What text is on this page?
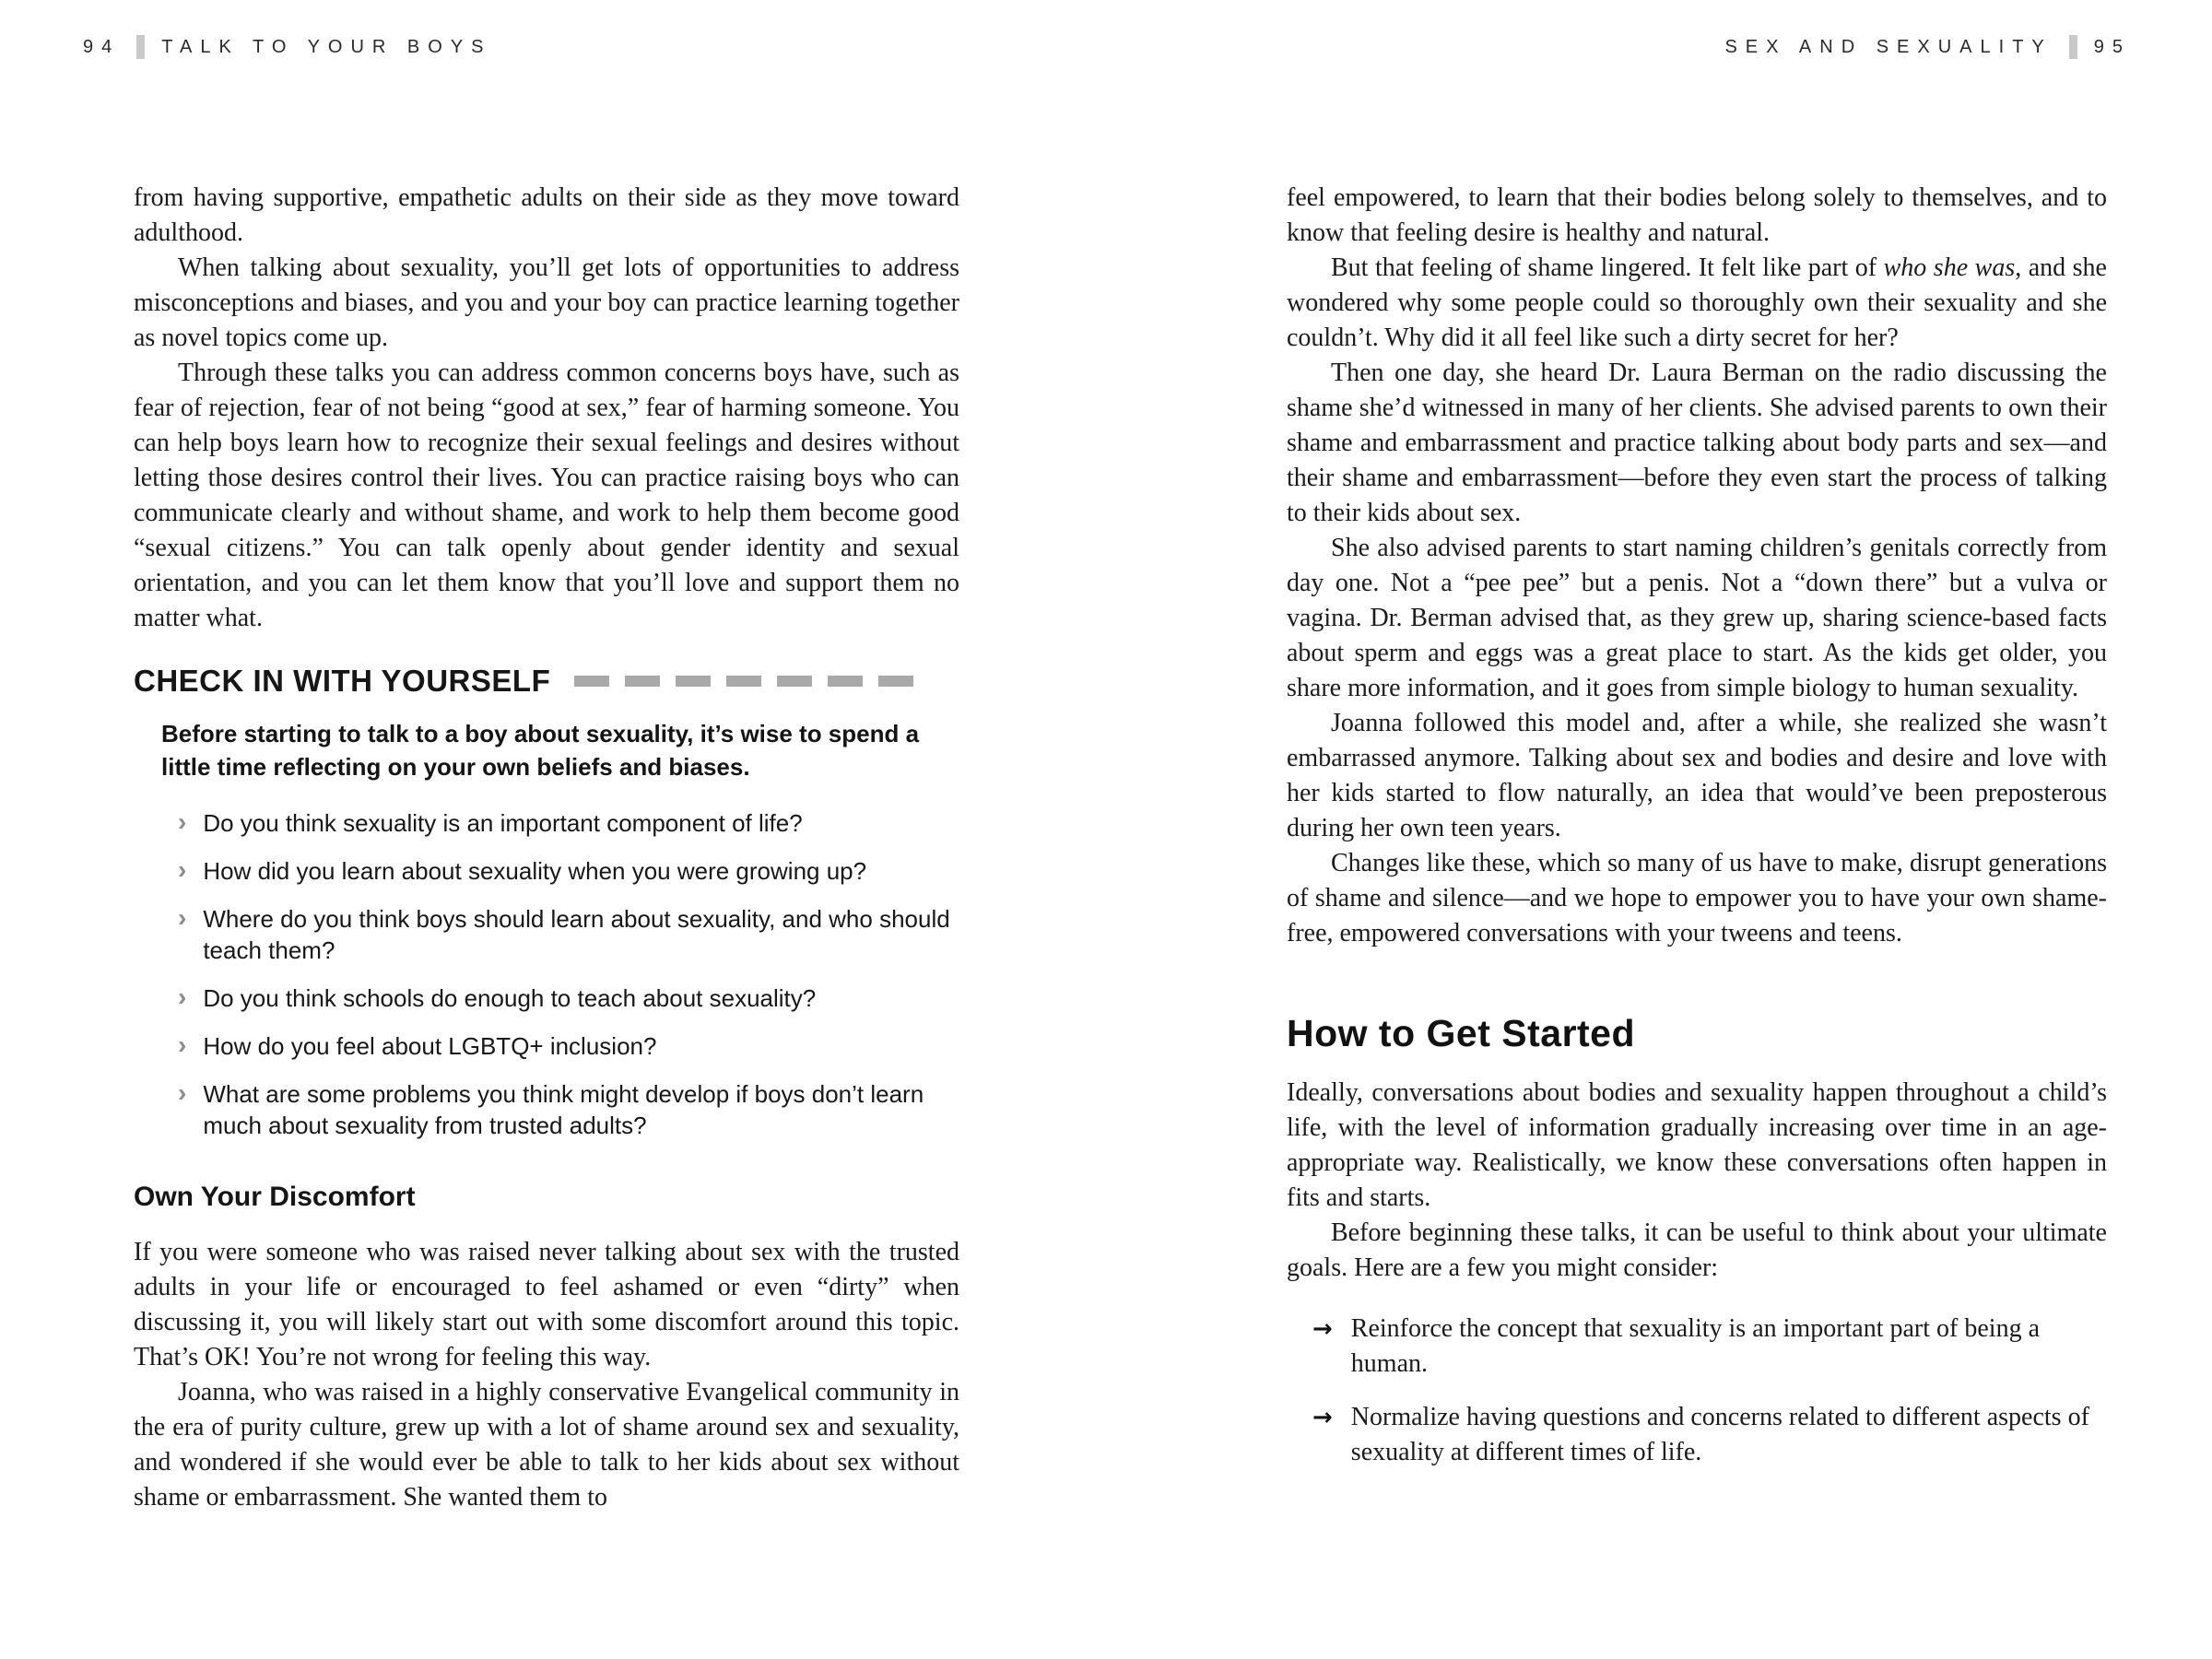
94 TALK TO YOUR BOYS	SEX AND SEXUALITY 95

from having supportive, empathetic adults on their side as they move toward adulthood.

When talking about sexuality, you’ll get lots of opportunities to address misconceptions and biases, and you and your boy can practice learning together as novel topics come up.

Through these talks you can address common concerns boys have, such as fear of rejection, fear of not being “good at sex,” fear of harming someone. You can help boys learn how to recognize their sexual feelings and desires without letting those desires control their lives. You can practice raising boys who can communicate clearly and without shame, and work to help them become good “sexual citizens.” You can talk openly about gender identity and sexual orientation, and you can let them know that you’ll love and support them no matter what.

CHECK IN WITH YOURSELF

Before starting to talk to a boy about sexuality, it’s wise to spend a little time reflecting on your own beliefs and biases.

› Do you think sexuality is an important component of life?
› How did you learn about sexuality when you were growing up?
› Where do you think boys should learn about sexuality, and who should teach them?
› Do you think schools do enough to teach about sexuality?
› How do you feel about LGBTQ+ inclusion?
› What are some problems you think might develop if boys don’t learn much about sexuality from trusted adults?
Own Your Discomfort

If you were someone who was raised never talking about sex with the trusted adults in your life or encouraged to feel ashamed or even “dirty” when discussing it, you will likely start out with some discomfort around this topic. That’s OK! You’re not wrong for feeling this way.

Joanna, who was raised in a highly conservative Evangelical community in the era of purity culture, grew up with a lot of shame around sex and sexuality, and wondered if she would ever be able to talk to her kids about sex without shame or embarrassment. She wanted them to

feel empowered, to learn that their bodies belong solely to themselves, and to know that feeling desire is healthy and natural.

But that feeling of shame lingered. It felt like part of who she was, and she wondered why some people could so thoroughly own their sexuality and she couldn’t. Why did it all feel like such a dirty secret for her?

Then one day, she heard Dr. Laura Berman on the radio discussing the shame she’d witnessed in many of her clients. She advised parents to own their shame and embarrassment and practice talking about body parts and sex—and their shame and embarrassment—before they even start the process of talking to their kids about sex.

She also advised parents to start naming children’s genitals correctly from day one. Not a “pee pee” but a penis. Not a “down there” but a vulva or vagina. Dr. Berman advised that, as they grew up, sharing science-based facts about sperm and eggs was a great place to start. As the kids get older, you share more information, and it goes from simple biology to human sexuality.

Joanna followed this model and, after a while, she realized she wasn’t embarrassed anymore. Talking about sex and bodies and desire and love with her kids started to flow naturally, an idea that would’ve been preposterous during her own teen years.

Changes like these, which so many of us have to make, disrupt generations of shame and silence—and we hope to empower you to have your own shame-free, empowered conversations with your tweens and teens.

How to Get Started

Ideally, conversations about bodies and sexuality happen throughout a child’s life, with the level of information gradually increasing over time in an age-appropriate way. Realistically, we know these conversations often happen in fits and starts.

Before beginning these talks, it can be useful to think about your ultimate goals. Here are a few you might consider:

→ Reinforce the concept that sexuality is an important part of being a human.
→ Normalize having questions and concerns related to different aspects of sexuality at different times of life.
